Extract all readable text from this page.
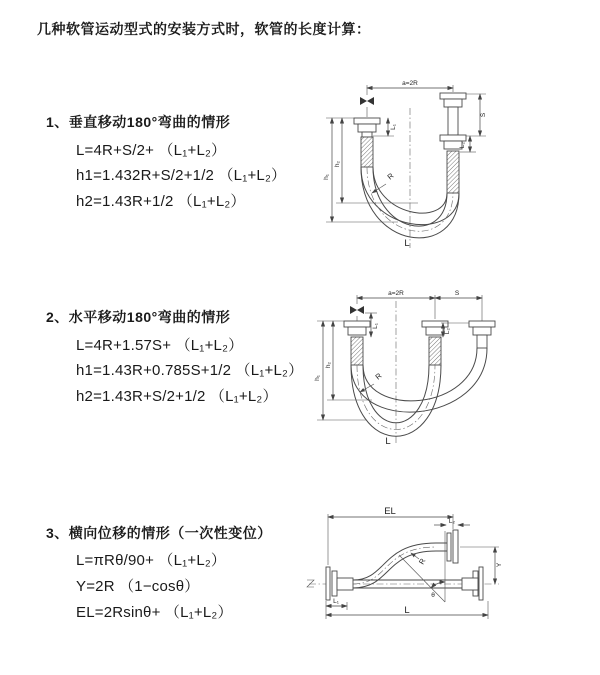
几种软管运动型式的安装方式时，软管的长度计算：
1、垂直移动180°弯曲的情形
L=4R+S/2+ （L₁+L₂）
h1=1.432R+S/2+1/2 （L₁+L₂）
h2=1.43R+1/2 （L₁+L₂）
2、水平移动180°弯曲的情形
L=4R+1.57S+ （L₁+L₂）
h1=1.43R+0.785S+1/2 （L₁+L₂）
h2=1.43R+S/2+1/2 （L₁+L₂）
3、横向位移的情形（一次性变位）
L=πRθ/90+ （L₁+L₂）
Y=2R （1−cosθ）
EL=2Rsinθ+ （L₁+L₂）
a=2R
h₁
h₂
L₁
S
L₂
R
L
a=2R	S
h₁
h₂
L₁
L₂
R
L
EL
L₂
Y
θ
R
L₁
L
